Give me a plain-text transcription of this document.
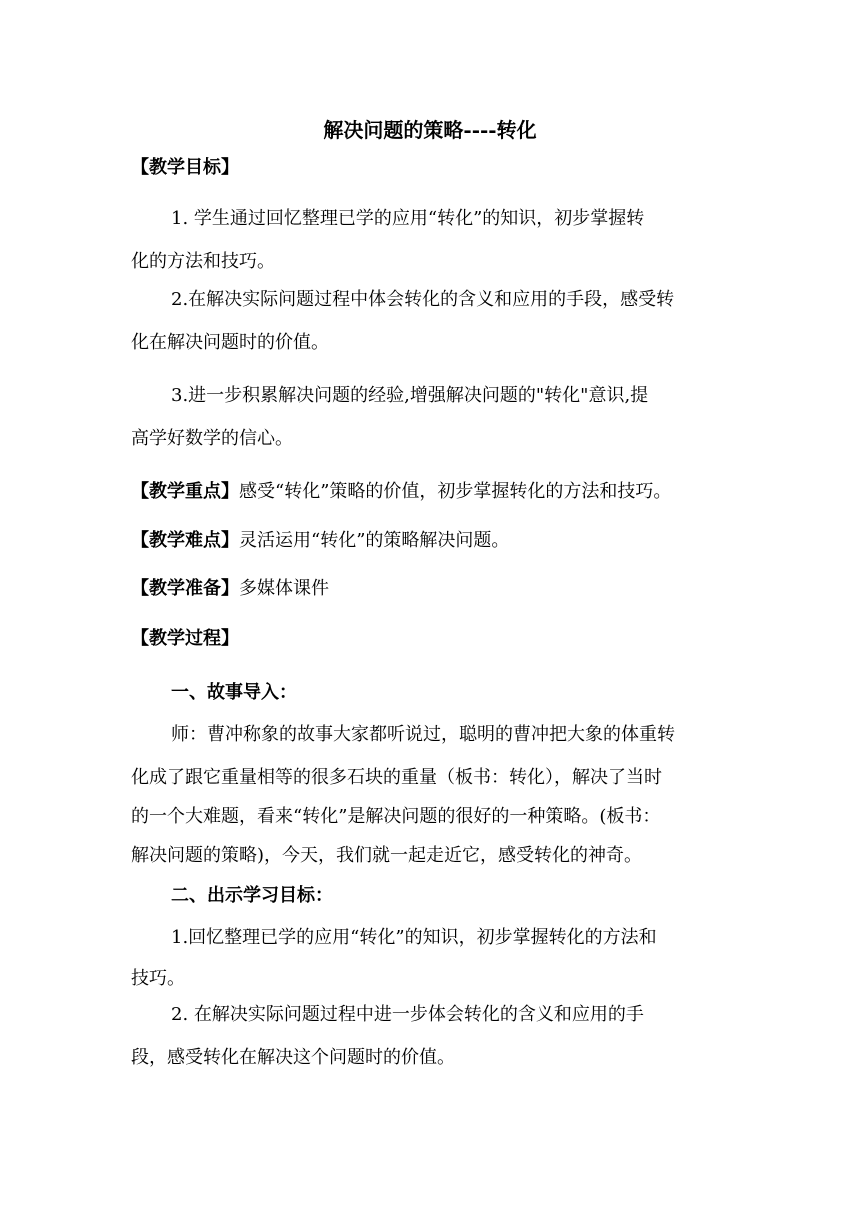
解决问题的策略----转化
【教学目标】
1. 学生通过回忆整理已学的应用“转化”的知识，初步掌握转
化的方法和技巧。
2.在解决实际问题过程中体会转化的含义和应用的手段，感受转
化在解决问题时的价值。
3.进一步积累解决问题的经验,增强解决问题的"转化"意识,提
高学好数学的信心。
【教学重点】感受“转化”策略的价值，初步掌握转化的方法和技巧。
【教学难点】灵活运用“转化”的策略解决问题。
【教学准备】多媒体课件
【教学过程】
一、故事导入：
师：曹冲称象的故事大家都听说过，聪明的曹冲把大象的体重转
化成了跟它重量相等的很多石块的重量（板书：转化），解决了当时
的一个大难题，看来“转化”是解决问题的很好的一种策略。(板书：
解决问题的策略)，今天，我们就一起走近它，感受转化的神奇。
二、出示学习目标：
1.回忆整理已学的应用“转化”的知识，初步掌握转化的方法和
技巧。
2. 在解决实际问题过程中进一步体会转化的含义和应用的手
段，感受转化在解决这个问题时的价值。
